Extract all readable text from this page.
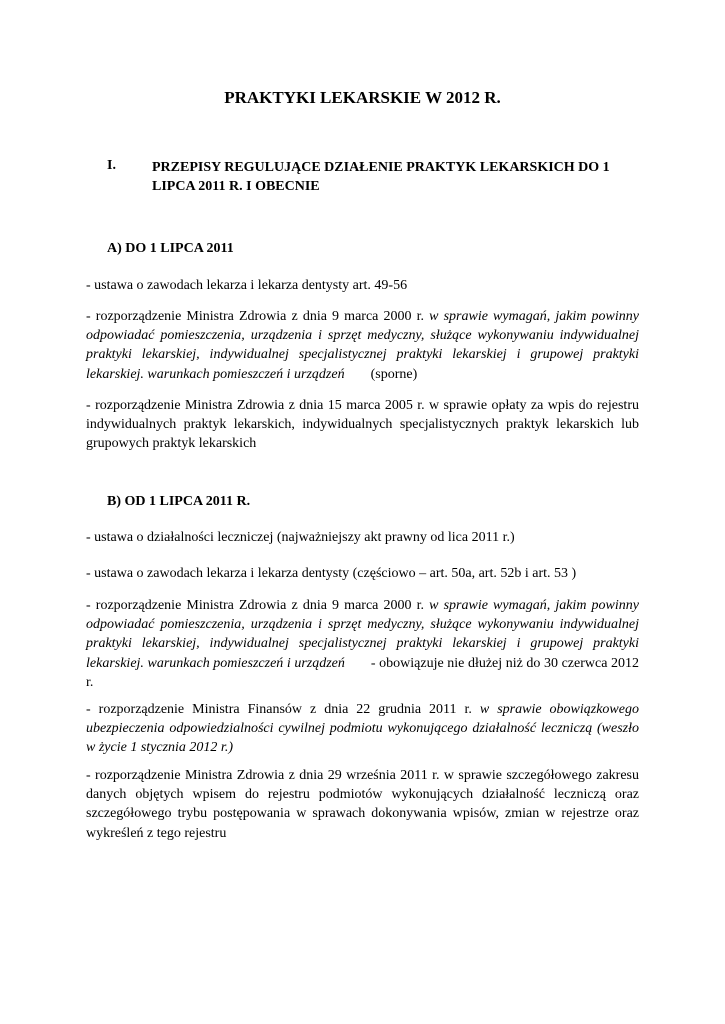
PRAKTYKI LEKARSKIE W 2012 R.
I.	PRZEPISY REGULUJĄCE DZIAŁENIE PRAKTYK LEKARSKICH DO 1 LIPCA 2011 R. I OBECNIE

A) DO 1 LIPCA 2011

- ustawa o zawodach lekarza i lekarza dentysty art. 49-56

- rozporządzenie Ministra Zdrowia z dnia 9 marca 2000 r. w sprawie wymagań, jakim powinny odpowiadać pomieszczenia, urządzenia i sprzęt medyczny, służące wykonywaniu indywidualnej praktyki lekarskiej, indywidualnej specjalistycznej praktyki lekarskiej i grupowej praktyki lekarskiej. warunkach pomieszczeń i urządzeń (sporne)

- rozporządzenie Ministra Zdrowia z dnia 15 marca 2005 r. w sprawie opłaty za wpis do rejestru indywidualnych praktyk lekarskich, indywidualnych specjalistycznych praktyk lekarskich lub grupowych praktyk lekarskich

B) OD 1 LIPCA 2011 R.

- ustawa o działalności leczniczej (najważniejszy akt prawny od lica 2011 r.)

- ustawa o zawodach lekarza i lekarza dentysty (częściowo – art. 50a, art. 52b i art. 53 )

- rozporządzenie Ministra Zdrowia z dnia 9 marca 2000 r. w sprawie wymagań, jakim powinny odpowiadać pomieszczenia, urządzenia i sprzęt medyczny, służące wykonywaniu indywidualnej praktyki lekarskiej, indywidualnej specjalistycznej praktyki lekarskiej i grupowej praktyki lekarskiej. warunkach pomieszczeń i urządzeń - obowiązuje nie dłużej niż do 30 czerwca 2012 r.

- rozporządzenie Ministra Finansów z dnia 22 grudnia 2011 r. w sprawie obowiązkowego ubezpieczenia odpowiedzialności cywilnej podmiotu wykonującego działalność leczniczą (weszło w życie 1 stycznia 2012 r.)

- rozporządzenie Ministra Zdrowia z dnia 29 września 2011 r. w sprawie szczegółowego zakresu danych objętych wpisem do rejestru podmiotów wykonujących działalność leczniczą oraz szczegółowego trybu postępowania w sprawach dokonywania wpisów, zmian w rejestrze oraz wykreśleń z tego rejestru
